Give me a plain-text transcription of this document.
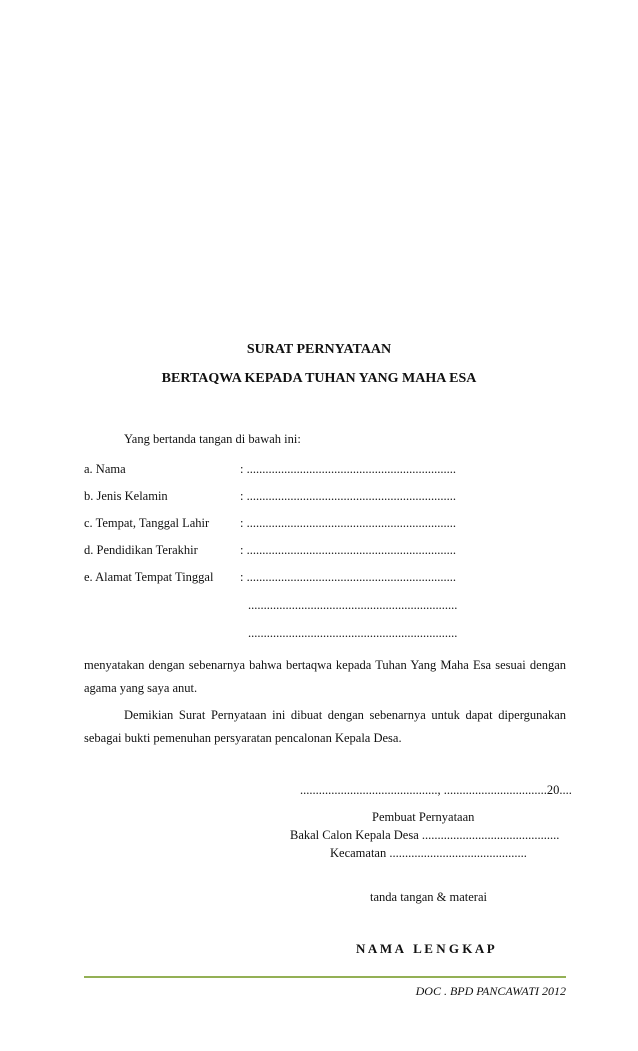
SURAT PERNYATAAN
BERTAQWA KEPADA TUHAN YANG MAHA ESA
Yang bertanda tangan di bawah ini:
a. Nama	: ...................................................................
b. Jenis Kelamin	: ...................................................................
c. Tempat, Tanggal Lahir : ...................................................................
d. Pendidikan Terakhir	: ...................................................................
e. Alamat Tempat Tinggal : ...................................................................
...................................................................
...................................................................
menyatakan dengan sebenarnya bahwa bertaqwa kepada Tuhan Yang Maha Esa sesuai dengan agama yang saya anut.
Demikian Surat Pernyataan ini dibuat dengan sebenarnya untuk dapat dipergunakan sebagai bukti pemenuhan persyaratan pencalonan Kepala Desa.
............................................, .................................20....
Pembuat Pernyataan
Bakal Calon Kepala Desa ............................................
Kecamatan ............................................
tanda tangan & materai
N A M A   L E N G K A P
DOC . BPD PANCAWATI 2012
